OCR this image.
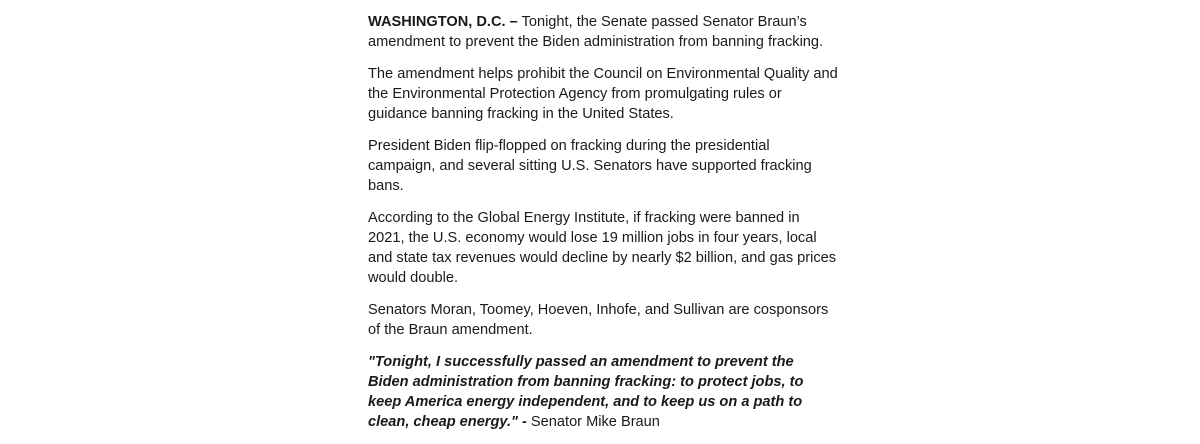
WASHINGTON, D.C. – Tonight, the Senate passed Senator Braun’s amendment to prevent the Biden administration from banning fracking.

The amendment helps prohibit the Council on Environmental Quality and the Environmental Protection Agency from promulgating rules or guidance banning fracking in the United States.

President Biden flip-flopped on fracking during the presidential campaign, and several sitting U.S. Senators have supported fracking bans.

According to the Global Energy Institute, if fracking were banned in 2021, the U.S. economy would lose 19 million jobs in four years, local and state tax revenues would decline by nearly $2 billion, and gas prices would double.

Senators Moran, Toomey, Hoeven, Inhofe, and Sullivan are cosponsors of the Braun amendment.

"Tonight, I successfully passed an amendment to prevent the Biden administration from banning fracking: to protect jobs, to keep America energy independent, and to keep us on a path to clean, cheap energy." - Senator Mike Braun
